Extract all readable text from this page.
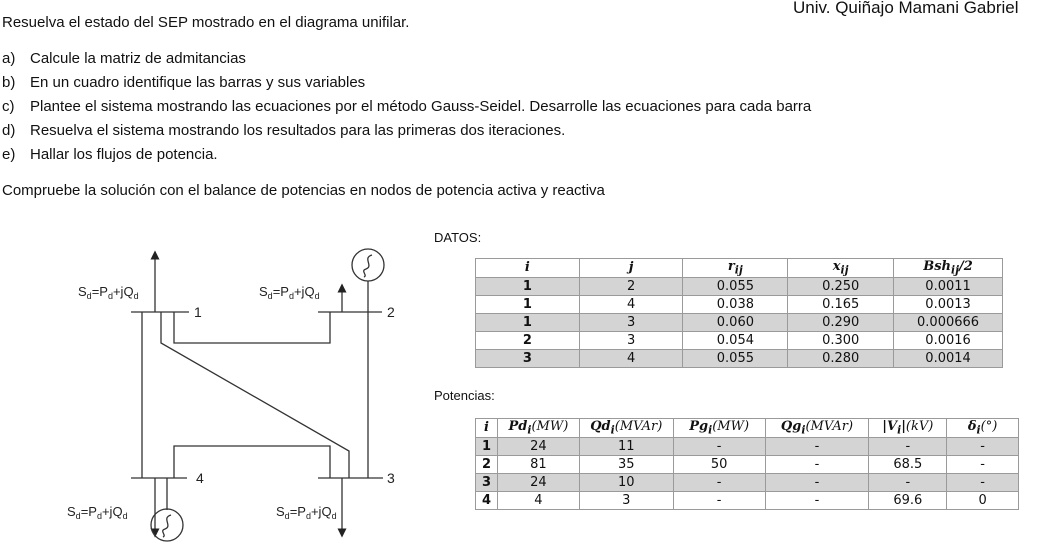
Univ. Quiñajo Mamani Gabriel
Resuelva el estado del SEP mostrado en el diagrama unifilar.
a) Calcule la matriz de admitancias
b) En un cuadro identifique las barras y sus variables
c) Plantee el sistema mostrando las ecuaciones por el método Gauss-Seidel. Desarrolle las ecuaciones para cada barra
d) Resuelva el sistema mostrando los resultados para las primeras dos iteraciones.
e) Hallar los flujos de potencia.
Compruebe la solución con el balance de potencias en nodos de potencia activa y reactiva
1	2
3
4
$S_d=P_d+jQ_d$	$S_d=P_d+jQ_d$
$S_d=P_d+jQ_d$	$S_d=P_d+jQ_d$
DATOS:
i	j	$r_{ij}$	$x_{ij}$	Bsh$_{ij}$/2
1	2	0.055	0.250	0.0011
1	4	0.038	0.165	0.0013
1	3	0.060	0.290	0.000666
2	3	0.054	0.300	0.0016
3	4	0.055	0.280	0.0014
Potencias:
i	$Pd_i(MW)$	$Qd_i(MVAr)$	$Pg_i(MW)$	$Qg_i(MVAr)$	$|V_i|(kV)$	$\delta_i(^\circ)$
1	24	11	-	-	-	-
2	81	35	50	-	68.5	-
3	24	10	-	-	-	-
4	4	3	-	-	69.6	0
